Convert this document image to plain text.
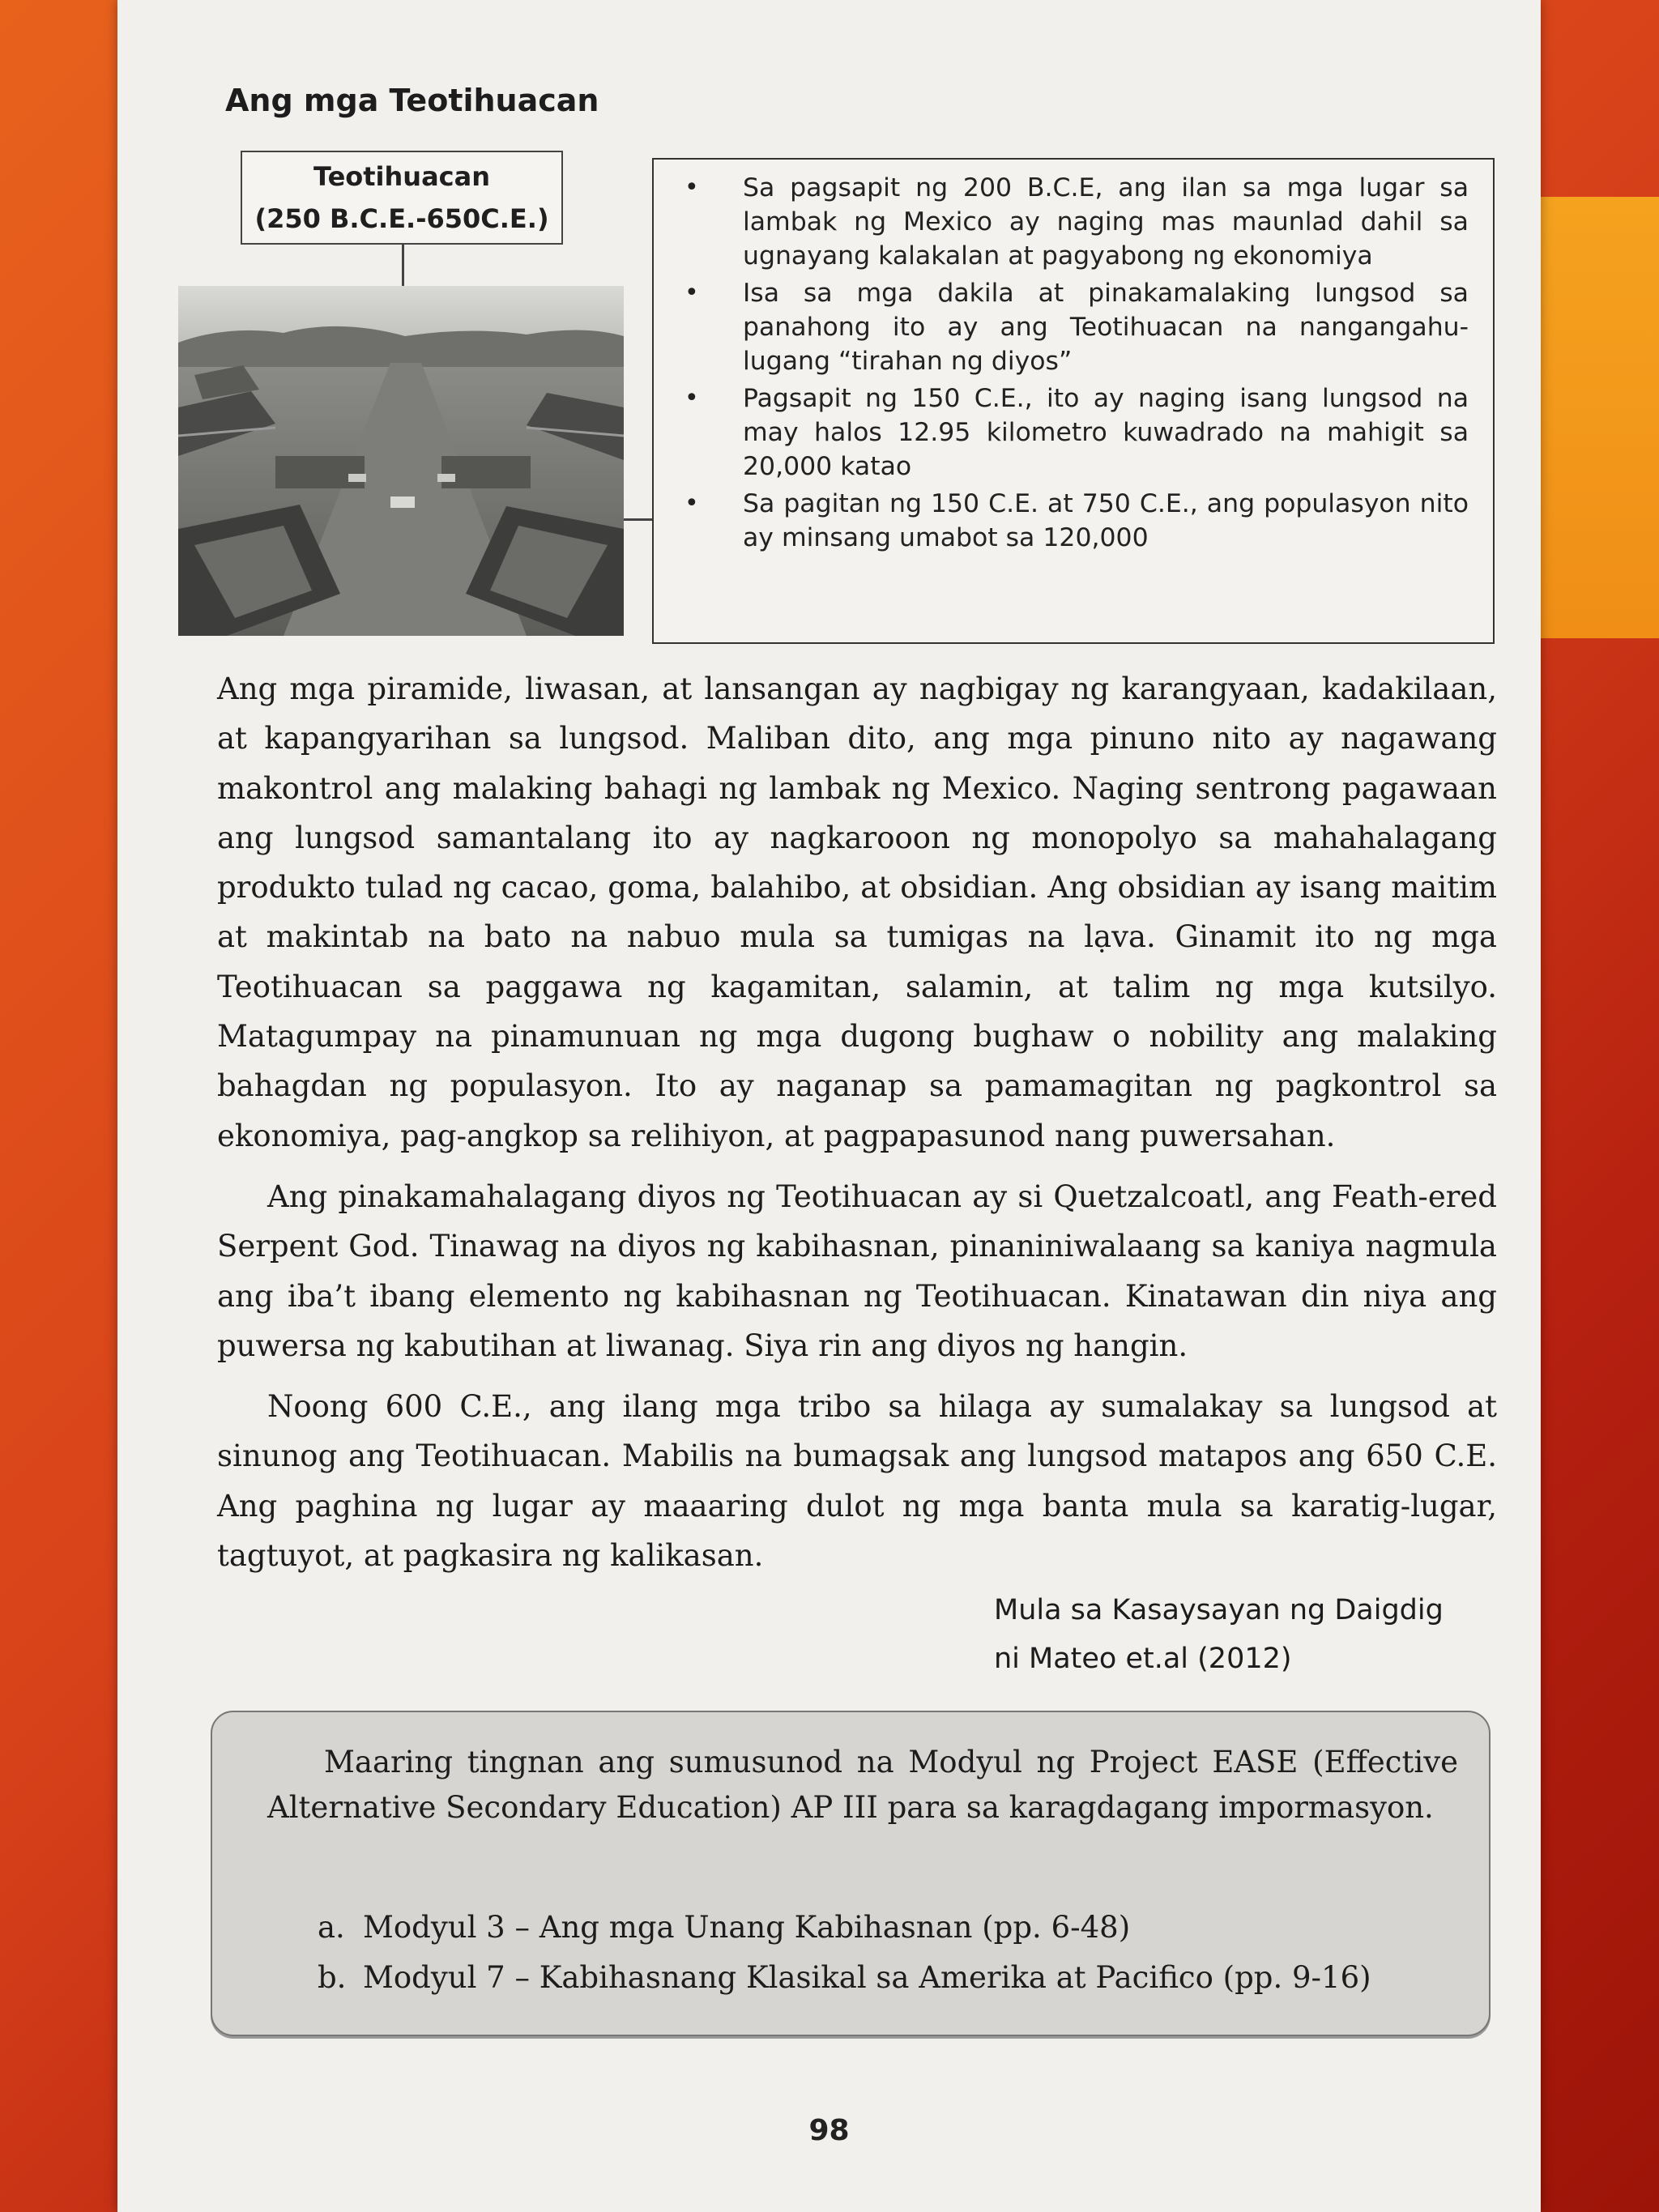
Ang mga Teotihuacan
Teotihuacan
(250 B.C.E.-650C.E.)
• Sa pagsapit ng 200 B.C.E, ang ilan sa mga lugar sa lambak ng Mexico ay naging mas maunlad dahil sa ugnayang kalakalan at pagyabong ng ekonomiya
• Isa sa mga dakila at pinakamalaking lungsod sa panahong ito ay ang Teotihuacan na nangangahu-lugang “tirahan ng diyos”
• Pagsapit ng 150 C.E., ito ay naging isang lungsod na may halos 12.95 kilometro kuwadrado na mahigit sa 20,000 katao
• Sa pagitan ng 150 C.E. at 750 C.E., ang populasyon nito ay minsang umabot sa 120,000

Ang mga piramide, liwasan, at lansangan ay nagbigay ng karangyaan, kadakilaan, at kapangyarihan sa lungsod. Maliban dito, ang mga pinuno nito ay nagawang makontrol ang malaking bahagi ng lambak ng Mexico. Naging sentrong pagawaan ang lungsod samantalang ito ay nagkarooon ng monopolyo sa mahahalagang produkto tulad ng cacao, goma, balahibo, at obsidian. Ang obsidian ay isang maitim at makintab na bato na nabuo mula sa tumigas na lạva. Ginamit ito ng mga Teotihuacan sa paggawa ng kagamitan, salamin, at talim ng mga kutsilyo. Matagumpay na pinamunuan ng mga dugong bughaw o nobility ang malaking bahagdan ng populasyon. Ito ay naganap sa pamamagitan ng pagkontrol sa ekonomiya, pag-angkop sa relihiyon, at pagpapasunod nang puwersahan.

Ang pinakamahalagang diyos ng Teotihuacan ay si Quetzalcoatl, ang Feath-ered Serpent God. Tinawag na diyos ng kabihasnan, pinaniniwalaang sa kaniya nagmula ang iba’t ibang elemento ng kabihasnan ng Teotihuacan. Kinatawan din niya ang puwersa ng kabutihan at liwanag. Siya rin ang diyos ng hangin.

Noong 600 C.E., ang ilang mga tribo sa hilaga ay sumalakay sa lungsod at sinunog ang Teotihuacan. Mabilis na bumagsak ang lungsod matapos ang 650 C.E. Ang paghina ng lugar ay maaaring dulot ng mga banta mula sa karatig-lugar, tagtuyot, at pagkasira ng kalikasan.

Mula sa Kasaysayan ng Daigdig
ni Mateo et.al (2012)
Maaring tingnan ang sumusunod na Modyul ng Project EASE (Effective Alternative Secondary Education) AP III para sa karagdagang impormasyon.
a. Modyul 3 – Ang mga Unang Kabihasnan (pp. 6-48)
b. Modyul 7 – Kabihasnang Klasikal sa Amerika at Pacifico (pp. 9-16)
98
